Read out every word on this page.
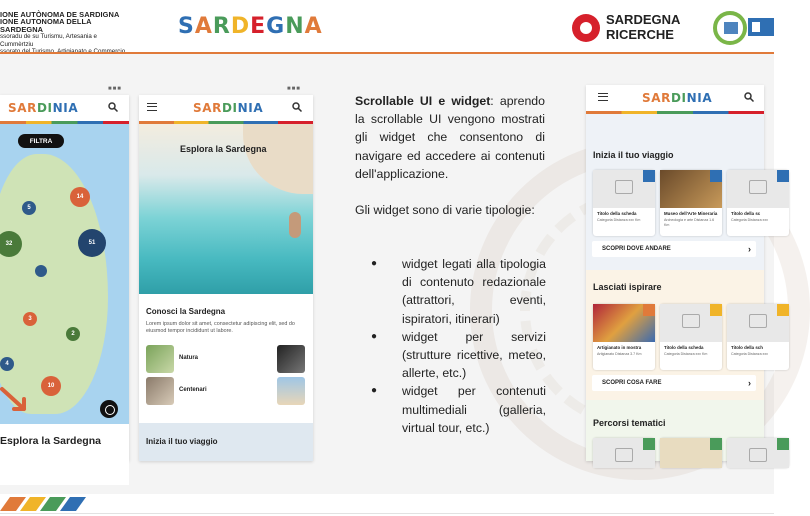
IONE AUTÒNOMA DE SARDIGNA
IONE AUTONOMA DELLA SARDEGNA
ssoradu de su Turismu, Artesania e Cummèrtziu
SARDEGNA	SARDEGNA
RICERCHE
■■■
SARDINIA
FILTRA
14
5
32	51
2
3
4
10
Esplora la Sardegna
■■■
SARDINIA
Esplora la Sardegna
Conosci la Sardegna
Lorem ipsum dolor sit amet, consectetur adipiscing elit, sed do eiusmod tempor incididunt ut labore.
Natura
Centenari
Inizia il tuo viaggio

Scrollable UI e widget: aprendo la scrollable UI vengono mostrati gli widget che consentono di navigare ed accedere ai contenuti dell'applicazione.

Gli widget sono di varie tipologie:

● widget legati alla tipologia di contenuto redazionale (attrattori, eventi, ispiratori, itinerari)
● widget per servizi (strutture ricettive, meteo, allerte, etc.)
● widget per contenuti multimediali (galleria, virtual tour, etc.)
SARDINIA
Inizia il tuo viaggio
Titolo della scheda
Categoria Distanza xxx Km
Museo dell'Arte Mineraria
Archeologia e arte Distanza 1.6 Km
Titolo della sc
Categoria Distanza xxx
SCOPRI DOVE ANDARE	›
Lasciati ispirare
Artigianato in mostra
Artigianato Distanza 3.7 Km
Titolo della scheda
Categoria Distanza xxx Km
Titolo della sch
Categoria Distanza xxx
SCOPRI COSA FARE	›
Percorsi tematici
